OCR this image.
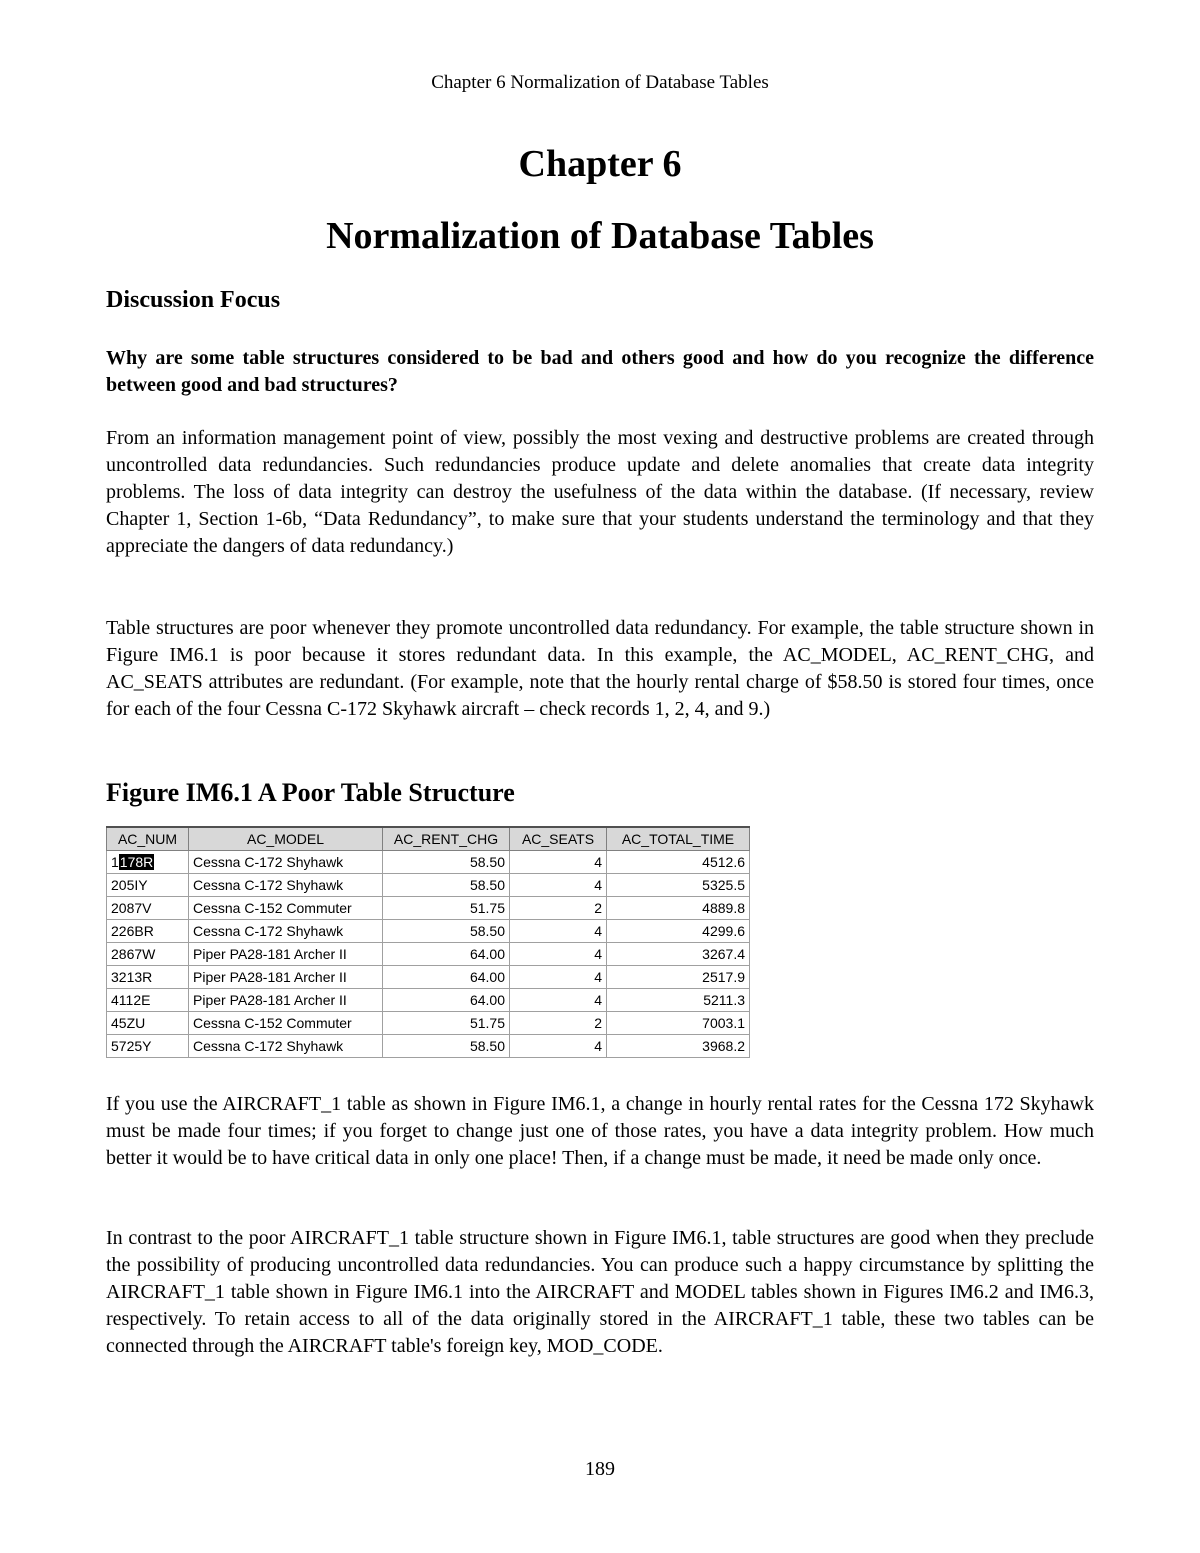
Chapter 6 Normalization of Database Tables
Chapter 6
Normalization of Database Tables
Discussion Focus
Why are some table structures considered to be bad and others good and how do you recognize the difference between good and bad structures?

From an information management point of view, possibly the most vexing and destructive problems are created through uncontrolled data redundancies. Such redundancies produce update and delete anomalies that create data integrity problems. The loss of data integrity can destroy the usefulness of the data within the database. (If necessary, review Chapter 1, Section 1-6b, “Data Redundancy”, to make sure that your students understand the terminology and that they appreciate the dangers of data redundancy.)

Table structures are poor whenever they promote uncontrolled data redundancy. For example, the table structure shown in Figure IM6.1 is poor because it stores redundant data. In this example, the AC_MODEL, AC_RENT_CHG, and AC_SEATS attributes are redundant. (For example, note that the hourly rental charge of $58.50 is stored four times, once for each of the four Cessna C-172 Skyhawk aircraft – check records 1, 2, 4, and 9.)

Figure IM6.1 A Poor Table Structure
AC_NUM	AC_MODEL	AC_RENT_CHG	AC_SEATS	AC_TOTAL_TIME
1178R	Cessna C-172 Shyhawk	58.50	4	4512.6
205IY	Cessna C-172 Shyhawk	58.50	4	5325.5
2087V	Cessna C-152 Commuter	51.75	2	4889.8
226BR	Cessna C-172 Shyhawk	58.50	4	4299.6
2867W	Piper PA28-181 Archer II	64.00	4	3267.4
3213R	Piper PA28-181 Archer II	64.00	4	2517.9
4112E	Piper PA28-181 Archer II	64.00	4	5211.3
45ZU	Cessna C-152 Commuter	51.75	2	7003.1
5725Y	Cessna C-172 Shyhawk	58.50	4	3968.2

If you use the AIRCRAFT_1 table as shown in Figure IM6.1, a change in hourly rental rates for the Cessna 172 Skyhawk must be made four times; if you forget to change just one of those rates, you have a data integrity problem. How much better it would be to have critical data in only one place! Then, if a change must be made, it need be made only once.

In contrast to the poor AIRCRAFT_1 table structure shown in Figure IM6.1, table structures are good when they preclude the possibility of producing uncontrolled data redundancies. You can produce such a happy circumstance by splitting the AIRCRAFT_1 table shown in Figure IM6.1 into the AIRCRAFT and MODEL tables shown in Figures IM6.2 and IM6.3, respectively. To retain access to all of the data originally stored in the AIRCRAFT_1 table, these two tables can be connected through the AIRCRAFT table's foreign key, MOD_CODE.

189
